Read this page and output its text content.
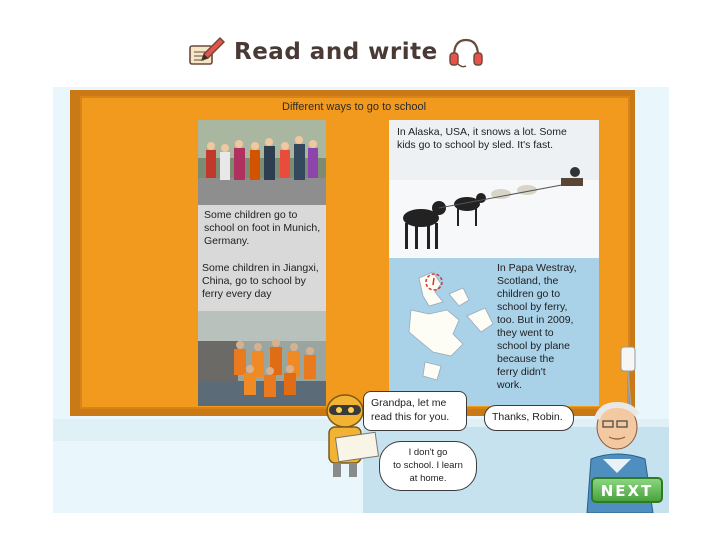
Read and write
Different ways to go to school
Some children go to
school on foot in Munich,
Germany.
In Alaska, USA, it snows a lot. Some
kids go to school by sled. It's fast.
Some children in Jiangxi,
China, go to school by
ferry every day
In Papa Westray,
Scotland, the
children go to
school by ferry,
too. But in 2009,
they went to
school by plane
because the
ferry didn't
work.
Grandpa, let me
read this for you.	Thanks, Robin.
I don't go
to school. I learn
at home.
NEXT
